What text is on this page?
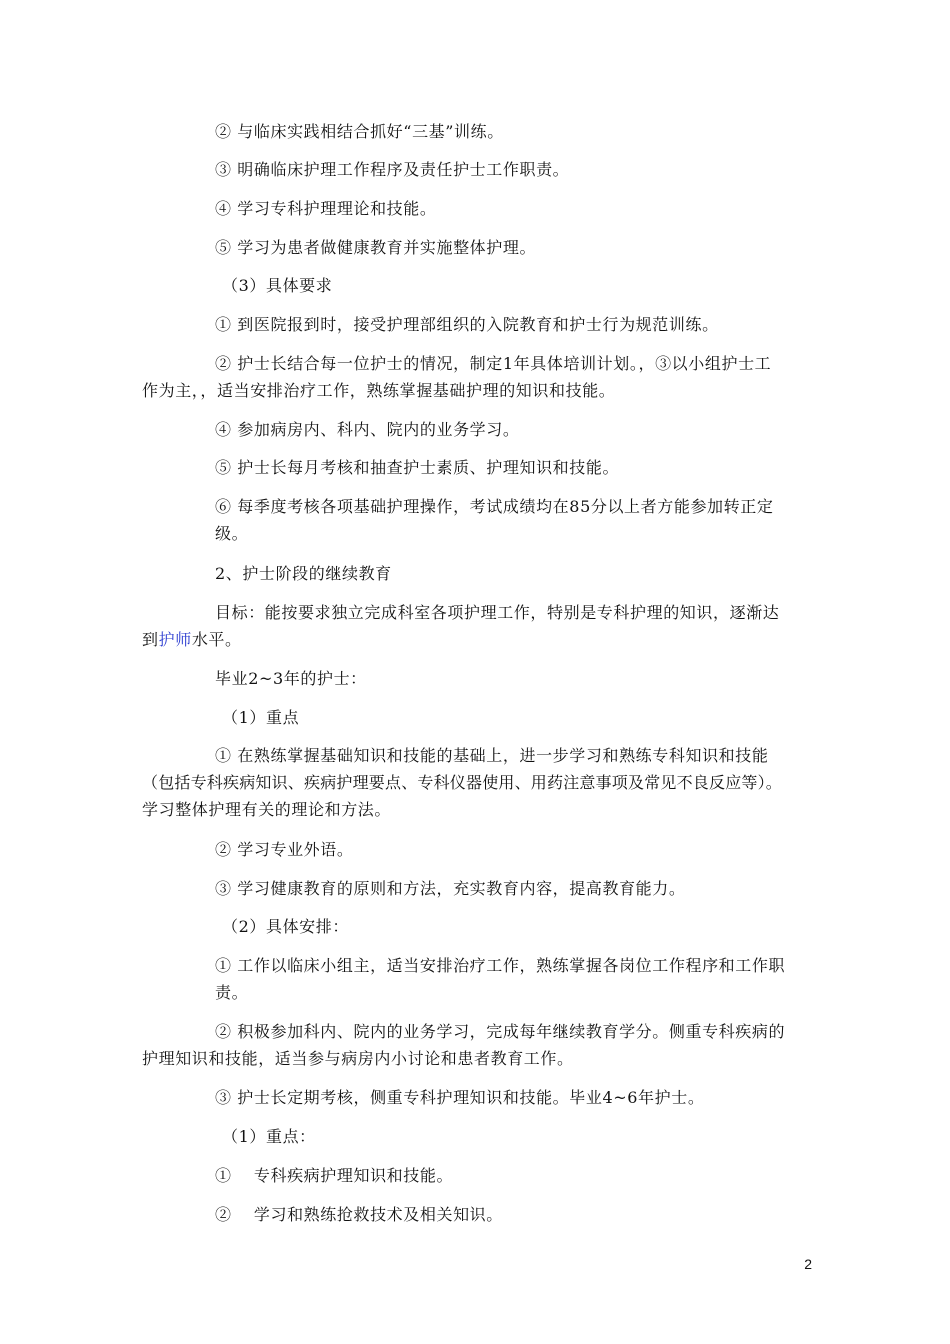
② 与临床实践相结合抓好“三基”训练。
③ 明确临床护理工作程序及责任护士工作职责。
④ 学习专科护理理论和技能。
⑤ 学习为患者做健康教育并实施整体护理。
（3）具体要求
① 到医院报到时，接受护理部组织的入院教育和护士行为规范训练。
② 护士长结合每一位护士的情况，制定1年具体培训计划。，③以小组护士工
作为主，，适当安排治疗工作，熟练掌握基础护理的知识和技能。
④ 参加病房内、科内、院内的业务学习。
⑤ 护士长每月考核和抽查护士素质、护理知识和技能。
⑥ 每季度考核各项基础护理操作，考试成绩均在85分以上者方能参加转正定
级。
2、护士阶段的继续教育
目标：能按要求独立完成科室各项护理工作，特别是专科护理的知识，逐渐达
到护师水平。
毕业2~3年的护士：
（1）重点
① 在熟练掌握基础知识和技能的基础上，进一步学习和熟练专科知识和技能
（包括专科疾病知识、疾病护理要点、专科仪器使用、用药注意事项及常见不良反应等）。
学习整体护理有关的理论和方法。
② 学习专业外语。
③ 学习健康教育的原则和方法，充实教育内容，提高教育能力。
（2）具体安排：
① 工作以临床小组主，适当安排治疗工作，熟练掌握各岗位工作程序和工作职
责。
② 积极参加科内、院内的业务学习，完成每年继续教育学分。侧重专科疾病的
护理知识和技能，适当参与病房内小讨论和患者教育工作。
③ 护士长定期考核，侧重专科护理知识和技能。毕业4~6年护士。
（1）重点：
①　 专科疾病护理知识和技能。
②　 学习和熟练抢救技术及相关知识。
2
